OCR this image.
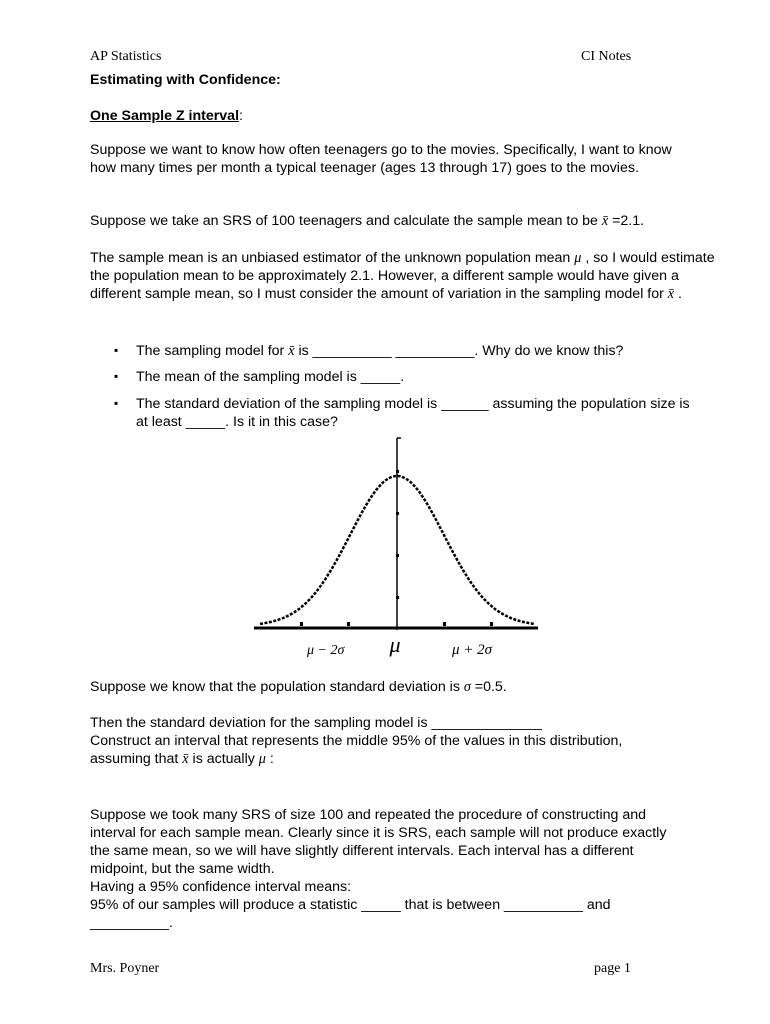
AP Statistics	CI Notes
Estimating with Confidence:
One Sample Z interval:
Suppose we want to know how often teenagers go to the movies. Specifically, I want to know how many times per month a typical teenager (ages 13 through 17) goes to the movies.
Suppose we take an SRS of 100 teenagers and calculate the sample mean to be x̄ =2.1.
The sample mean is an unbiased estimator of the unknown population mean μ , so I would estimate the population mean to be approximately 2.1. However, a different sample would have given a different sample mean, so I must consider the amount of variation in the sampling model for x̄ .
▪ The sampling model for x̄ is __________ __________. Why do we know this?
▪ The mean of the sampling model is _____.
▪ The standard deviation of the sampling model is ______ assuming the population size is at least _____. Is it in this case?
μ − 2σ μ	μ + 2σ
Suppose we know that the population standard deviation is σ =0.5.
Then the standard deviation for the sampling model is ______________
Construct an interval that represents the middle 95% of the values in this distribution,
assuming that x̄ is actually μ :
Suppose we took many SRS of size 100 and repeated the procedure of constructing and interval for each sample mean. Clearly since it is SRS, each sample will not produce exactly the same mean, so we will have slightly different intervals. Each interval has a different midpoint, but the same width.
Having a 95% confidence interval means:
95% of our samples will produce a statistic _____ that is between __________ and __________.
Mrs. Poyner	page 1
